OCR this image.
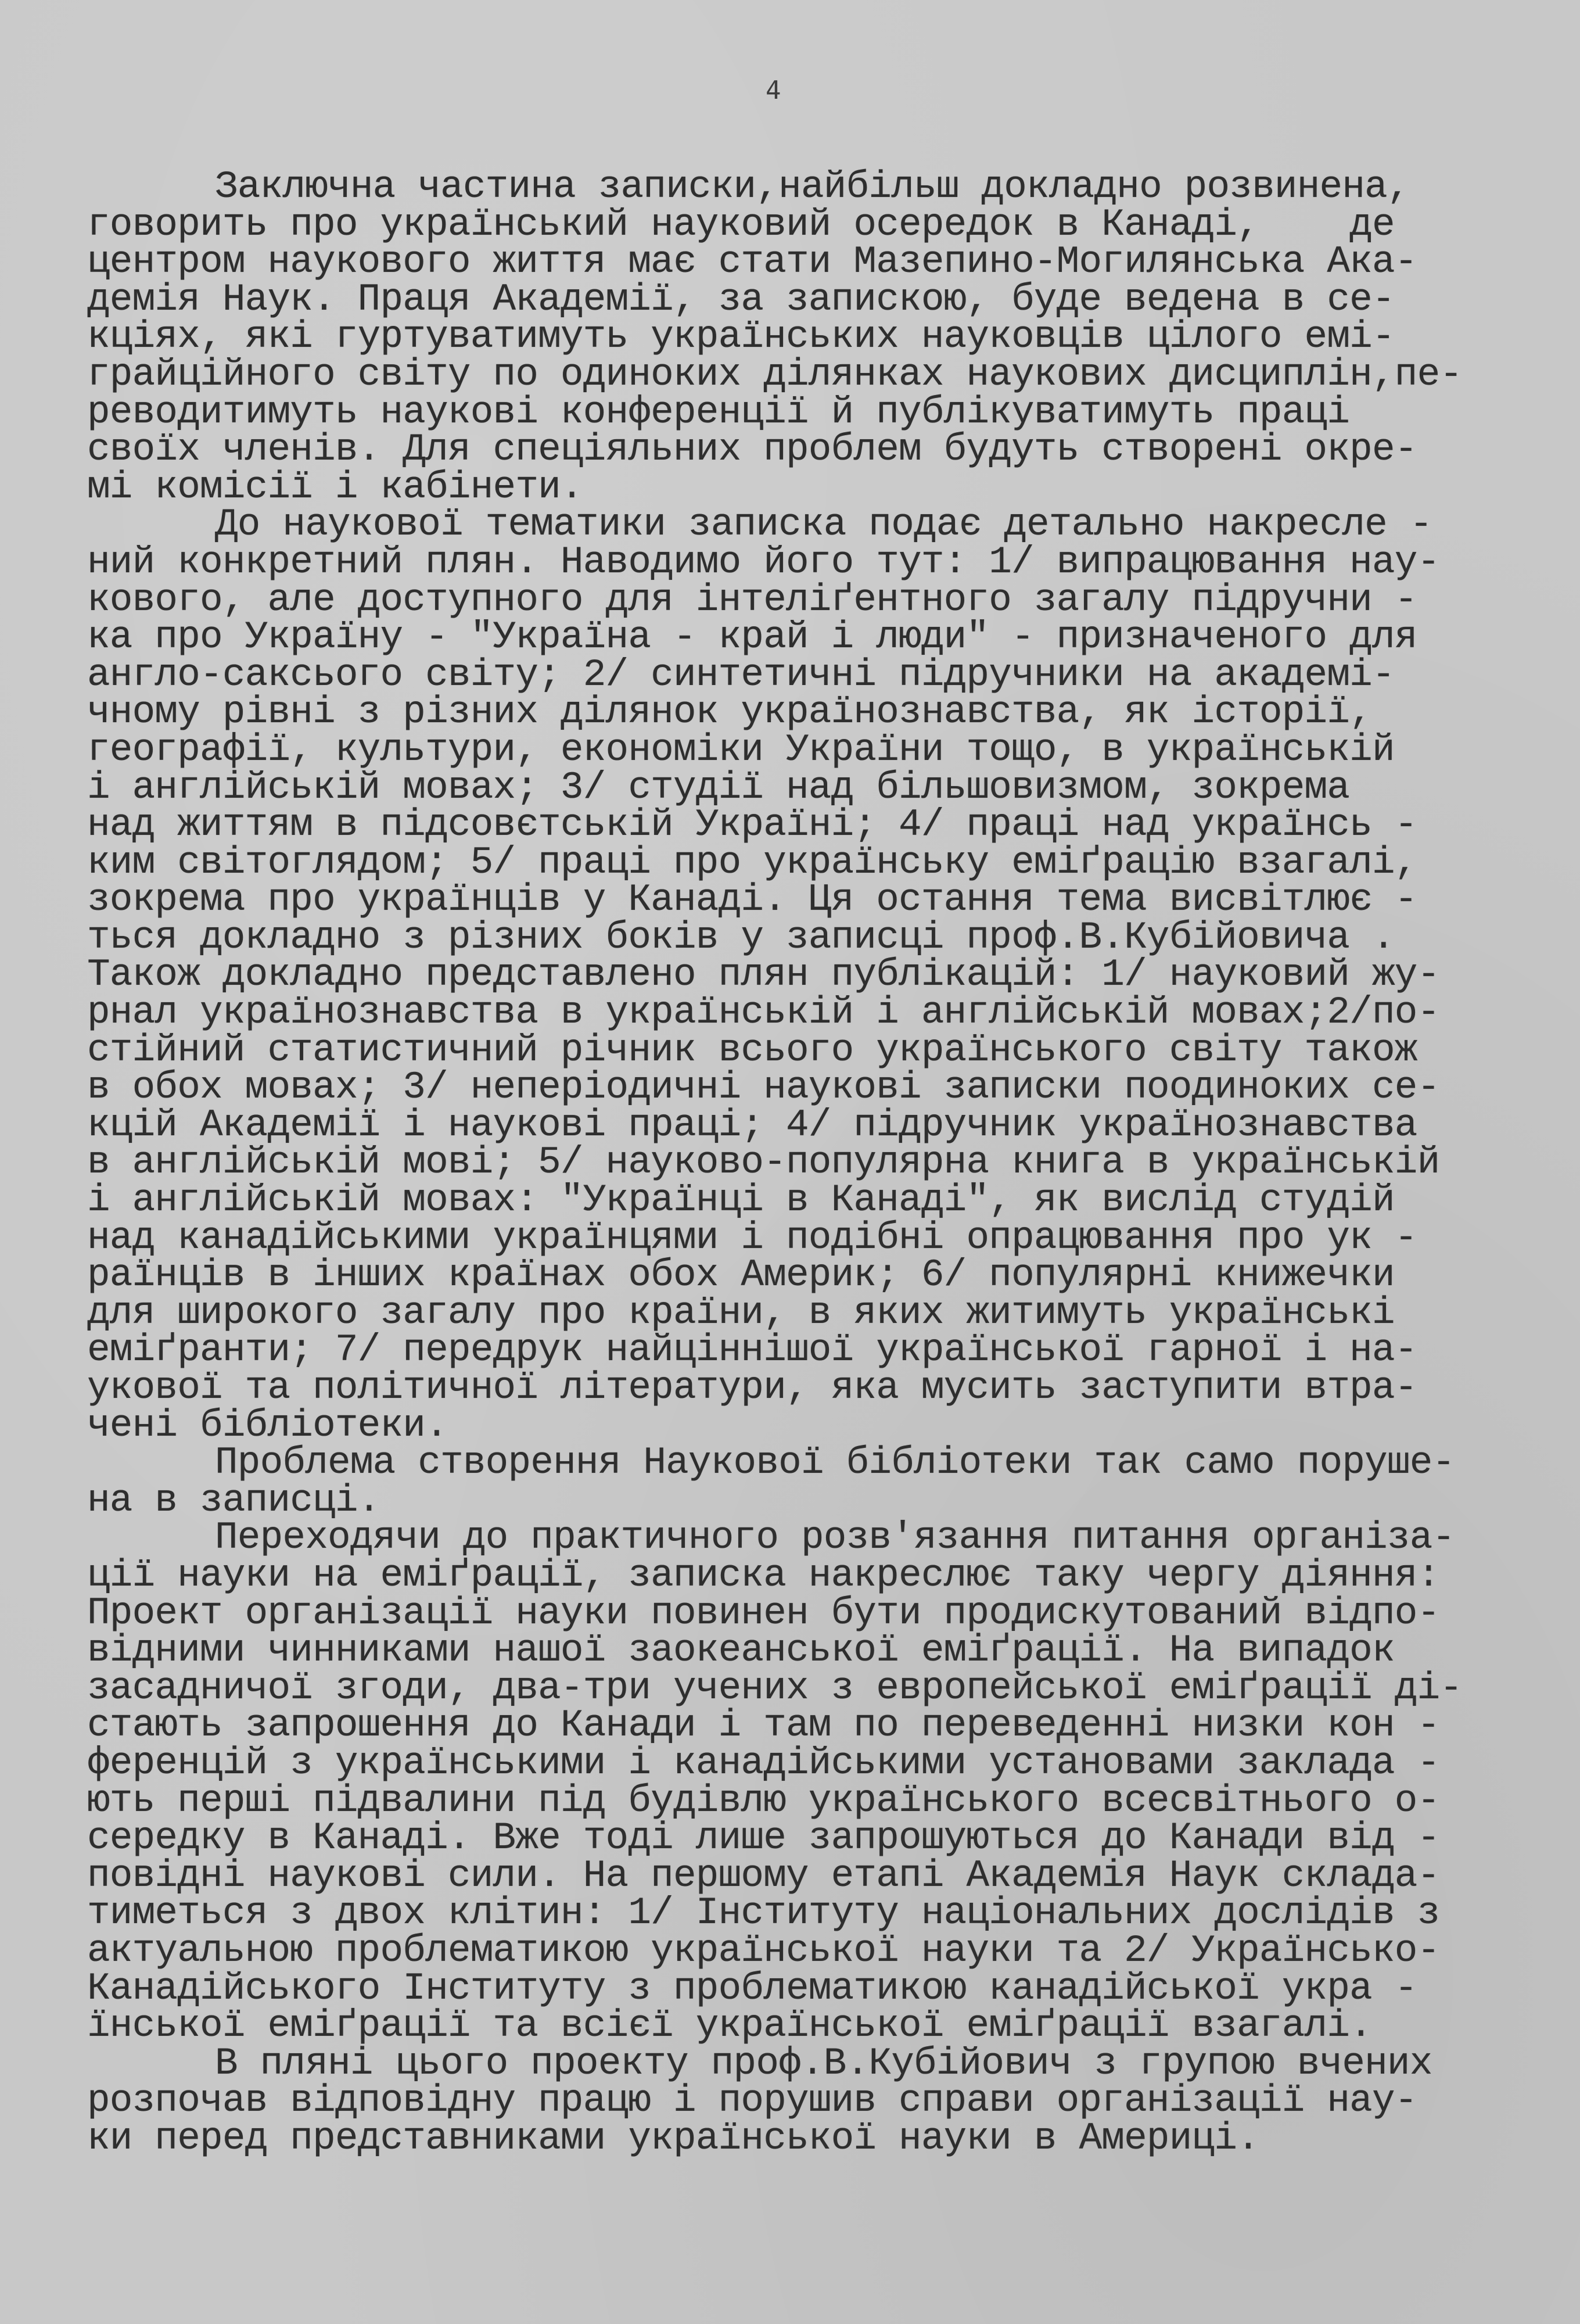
4
Заключна частина записки,найбільш докладно розвинена,
говорить про український науковий осередок в Канаді,    де
центром наукового життя має стати Мазепино-Могилянська Ака-
демія Наук. Праця Академії, за запискою, буде ведена в се-
кціях, які гуртуватимуть українських науковців цілого емі-
грайційного світу по одиноких ділянках наукових дисциплін,пе-
реводитимуть наукові конференції й публікуватимуть праці
своїх членів. Для спеціяльних проблем будуть створені окре-
мі комісії і кабінети.
До наукової тематики записка подає детально накресле -
ний конкретний плян. Наводимо його тут: 1/ випрацювання нау-
кового, але доступного для інтеліґентного загалу підручни -
ка про Україну - "Україна - край і люди" - призначеного для
англо-саксього світу; 2/ синтетичні підручники на академі-
чному рівні з різних ділянок українознавства, як історії,
географії, культури, економіки України тощо, в українській
і англійській мовах; 3/ студії над більшовизмом, зокрема
над життям в підсовєтській Україні; 4/ праці над українсь -
ким світоглядом; 5/ праці про українську еміґрацію взагалі,
зокрема про українців у Канаді. Ця остання тема висвітлює -
ться докладно з різних боків у записці проф.В.Кубійовича .
Також докладно представлено плян публікацій: 1/ науковий жу-
рнал українознавства в українській і англійській мовах;2/по-
стійний статистичний річник всього українського світу також
в обох мовах; 3/ неперіодичні наукові записки поодиноких се-
кцій Академії і наукові праці; 4/ підручник українознавства
в англійській мові; 5/ науково-популярна книга в українській
і англійській мовах: "Українці в Канаді", як вислід студій
над канадійськими українцями і подібні опрацювання про ук -
раїнців в інших країнах обох Америк; 6/ популярні книжечки
для широкого загалу про країни, в яких житимуть українські
еміґранти; 7/ передрук найціннішої української гарної і на-
укової та політичної літератури, яка мусить заступити втра-
чені бібліотеки.
Проблема створення Наукової бібліотеки так само поруше-
на в записці.
Переходячи до практичного розв'язання питання організа-
ції науки на еміґрації, записка накреслює таку чергу діяння:
Проект організації науки повинен бути продискутований відпо-
відними чинниками нашої заокеанської еміґрації. На випадок
засадничої згоди, два-три учених з европейської еміґрації ді-
стають запрошення до Канади і там по переведенні низки кон -
ференцій з українськими і канадійськими установами заклада -
ють перші підвалини під будівлю українського всесвітнього о-
середку в Канаді. Вже тоді лише запрошуються до Канади від -
повідні наукові сили. На першому етапі Академія Наук склада-
тиметься з двох клітин: 1/ Інституту національних дослідів з
актуальною проблематикою української науки та 2/ Українсько-
Канадійського Інституту з проблематикою канадійської укра -
їнської еміґрації та всієї української еміґрації взагалі.
В пляні цього проекту проф.В.Кубійович з групою вчених
розпочав відповідну працю і порушив справи організації нау-
ки перед представниками української науки в Америці.
